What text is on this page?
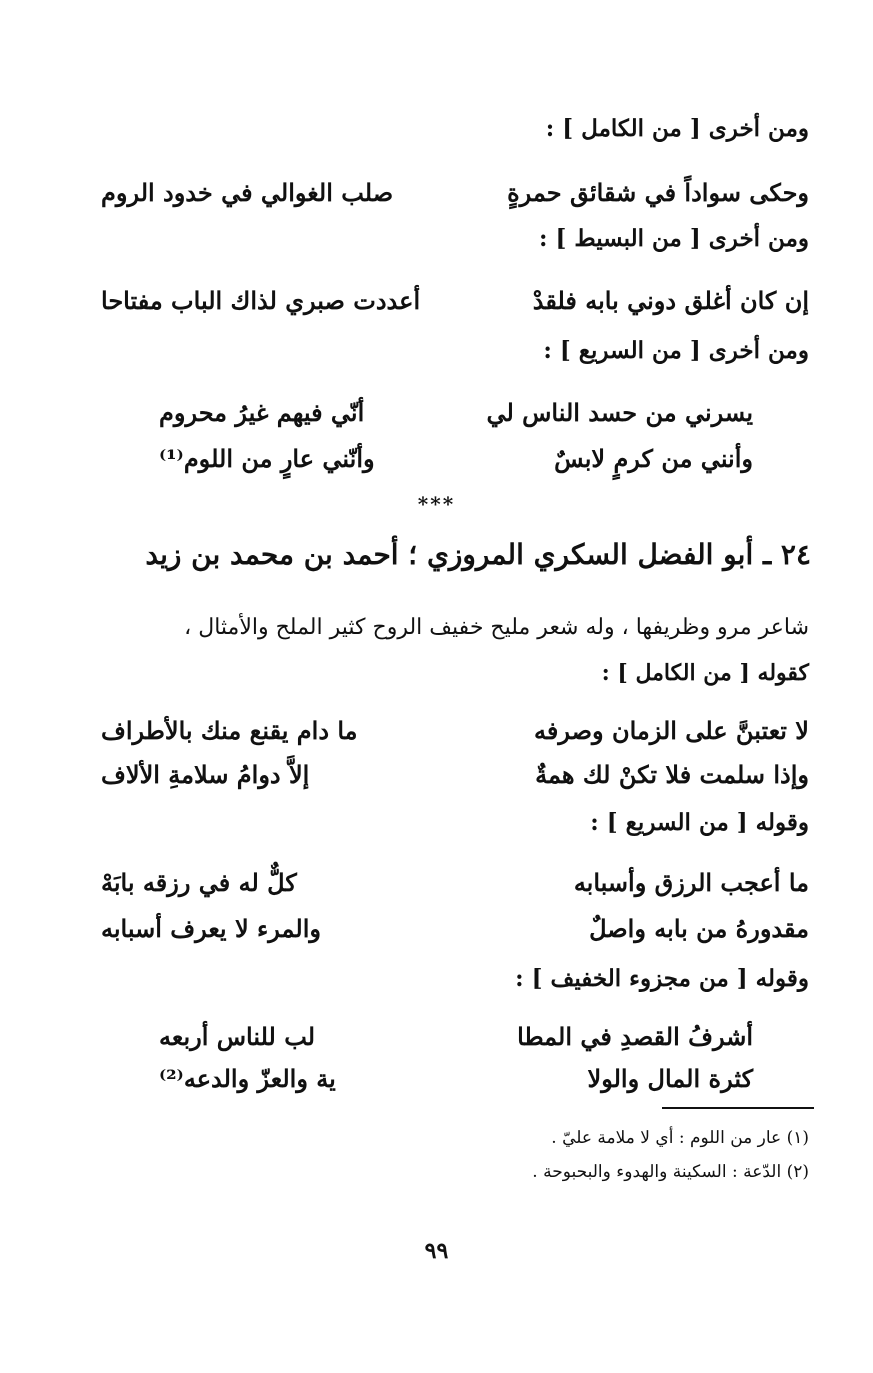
ومن أخرى [ من الكامل ] :
وحكى سواداً في شقائق حمرةٍ
صلب الغوالي في خدود الروم
ومن أخرى [ من البسيط ] :
إن كان أغلق دوني بابه فلقدْ
أعددت صبري لذاك الباب مفتاحا
ومن أخرى [ من السريع ] :
يسرني من حسد الناس لي
أنّي فيهم غيرُ محروم
وأنني من كرمٍ لابسٌ
وأنّني عارٍ من اللوم⁽¹⁾
***
٢٤ ـ أبو الفضل السكري المروزي ؛ أحمد بن محمد بن زيد
شاعر مرو وظريفها ، وله شعر مليح خفيف الروح كثير الملح والأمثال ،
كقوله [ من الكامل ] :
لا تعتبنَّ على الزمان وصرفه
ما دام يقنع منك بالأطراف
وإذا سلمت فلا تكنْ لك همةٌ
إلاَّ دوامُ سلامةِ الألاف
وقوله [ من السريع ] :
ما أعجب الرزق وأسبابه
كلٌّ له في رزقه بابَهْ
مقدورهُ من بابه واصلٌ
والمرء لا يعرف أسبابه
وقوله [ من مجزوء الخفيف ] :
أشرفُ القصدِ في المطا
لب للناس أربعه
كثرة المال والولا
ية والعزّ والدعه⁽²⁾
(١) عار من اللوم : أي لا ملامة عليّ .
(٢) الدّعة : السكينة والهدوء والبحبوحة .
٩٩
